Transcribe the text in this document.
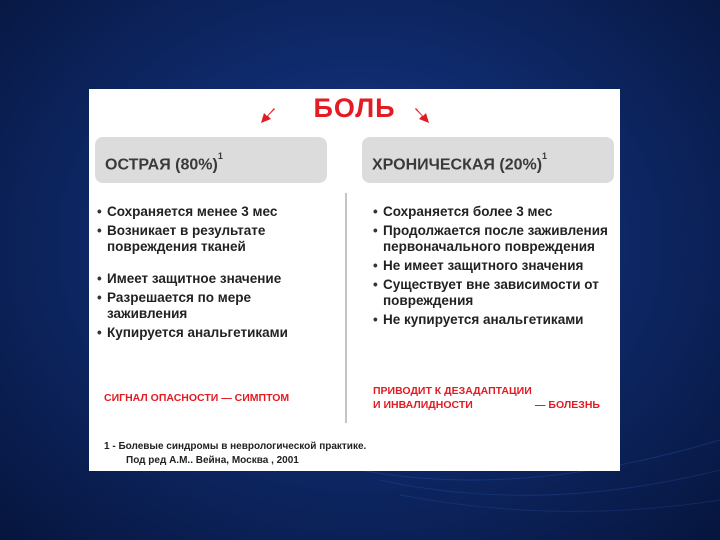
БОЛЬ
ОСТРАЯ $(80\%)^1$
ХРОНИЧЕСКАЯ $(20\%)^1$
• Сохраняется менее 3 мес
• Возникает в результате повреждения тканей
• Имеет защитное значение
• Разрешается по мере заживления
• Купируется анальгетиками
• Сохраняется более 3 мес
• Продолжается после заживления первоначального повреждения
• Не имеет защитного значения
• Существует вне зависимости от повреждения
• Не купируется анальгетиками
СИГНАЛ ОПАСНОСТИ — СИМПТОМ
ПРИВОДИТ К ДЕЗАДАПТАЦИИ
И ИНВАЛИДНОСТИ	— БОЛЕЗНЬ
1 - Болевые синдромы в неврологической практике.
Под ред А.М.. Вейна, Москва , 2001
